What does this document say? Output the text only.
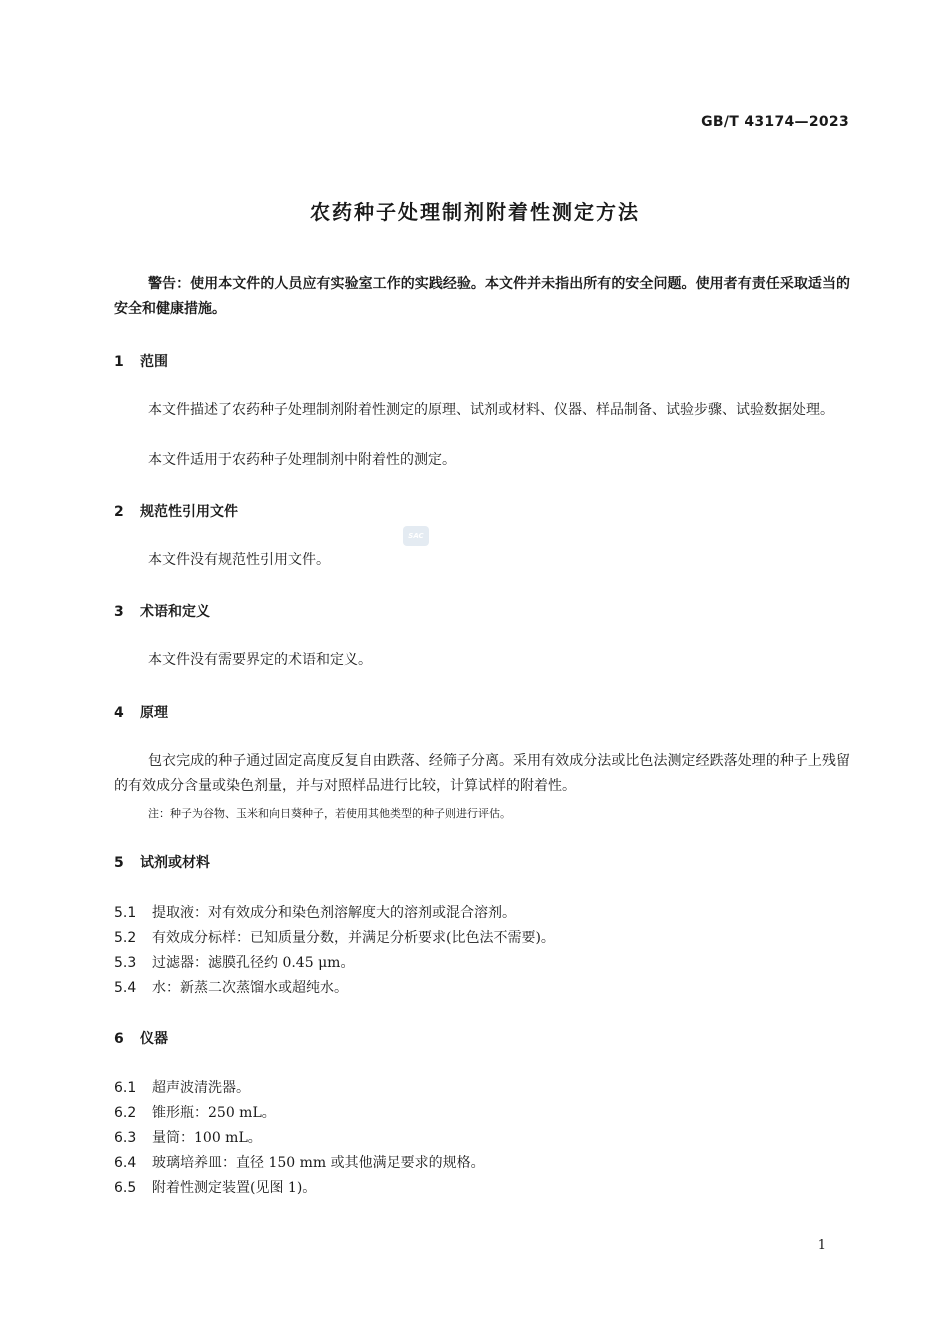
GB/T 43174—2023
农药种子处理制剂附着性测定方法
警告：使用本文件的人员应有实验室工作的实践经验。本文件并未指出所有的安全问题。使用者有责任采取适当的安全和健康措施。
1 范围
本文件描述了农药种子处理制剂附着性测定的原理、试剂或材料、仪器、样品制备、试验步骤、试验数据处理。
本文件适用于农药种子处理制剂中附着性的测定。
2 规范性引用文件
SAC
本文件没有规范性引用文件。
3 术语和定义
本文件没有需要界定的术语和定义。
4 原理
包衣完成的种子通过固定高度反复自由跌落、经筛子分离。采用有效成分法或比色法测定经跌落处理的种子上残留的有效成分含量或染色剂量，并与对照样品进行比较，计算试样的附着性。
注：种子为谷物、玉米和向日葵种子，若使用其他类型的种子则进行评估。
5 试剂或材料
5.1 提取液：对有效成分和染色剂溶解度大的溶剂或混合溶剂。
5.2 有效成分标样：已知质量分数，并满足分析要求(比色法不需要)。
5.3 过滤器：滤膜孔径约 0.45 μm。
5.4 水：新蒸二次蒸馏水或超纯水。
6 仪器
6.1 超声波清洗器。
6.2 锥形瓶：250 mL。
6.3 量筒：100 mL。
6.4 玻璃培养皿：直径 150 mm 或其他满足要求的规格。
6.5 附着性测定装置(见图 1)。
1
